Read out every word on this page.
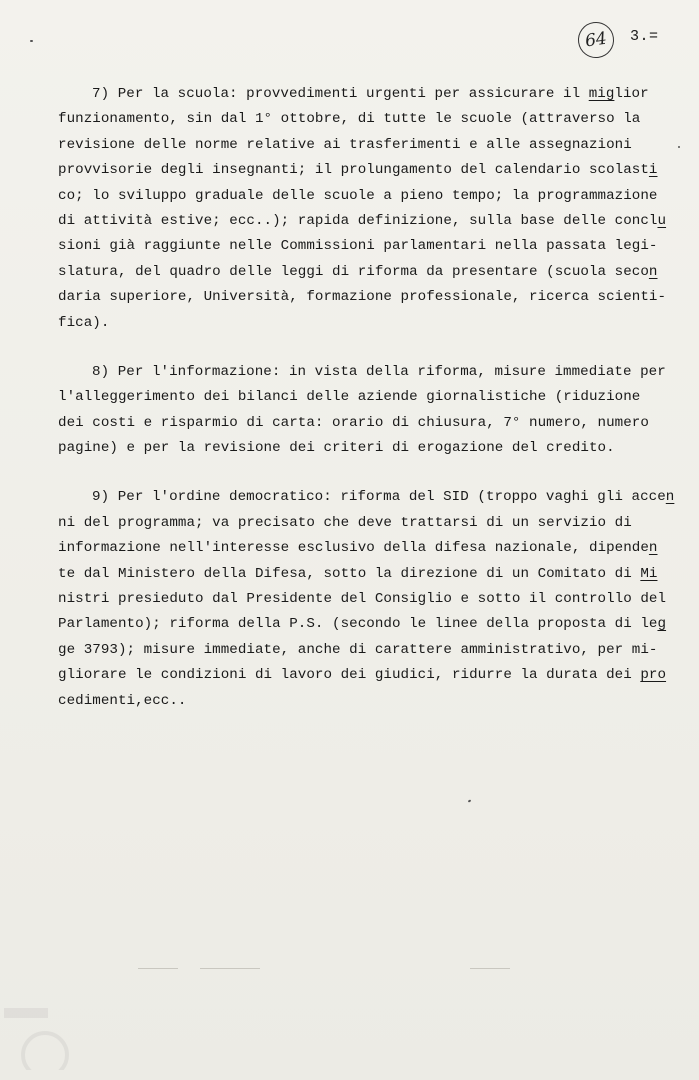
64 3.=
7) Per la scuola: provvedimenti urgenti per assicurare il miglior
funzionamento, sin dal 1° ottobre, di tutte le scuole (attraverso la
revisione delle norme relative ai trasferimenti e alle assegnazioni
provvisorie degli insegnanti; il prolungamento del calendario scolasti
co; lo sviluppo graduale delle scuole a pieno tempo; la programmazione
di attività estive; ecc..); rapida definizione, sulla base delle conclu
sioni già raggiunte nelle Commissioni parlamentari nella passata legi-
slatura, del quadro delle leggi di riforma da presentare (scuola secon
daria superiore, Università, formazione professionale, ricerca scienti-
fica).
8) Per l'informazione: in vista della riforma, misure immediate per
l'alleggerimento dei bilanci delle aziende giornalistiche (riduzione
dei costi e risparmio di carta: orario di chiusura, 7° numero, numero
pagine) e per la revisione dei criteri di erogazione del credito.
9) Per l'ordine democratico: riforma del SID (troppo vaghi gli accen
ni del programma; va precisato che deve trattarsi di un servizio di
informazione nell'interesse esclusivo della difesa nazionale, dipenden
te dal Ministero della Difesa, sotto la direzione di un Comitato di Mi
nistri presieduto dal Presidente del Consiglio e sotto il controllo del
Parlamento); riforma della P.S. (secondo le linee della proposta di leg
ge 3793); misure immediate, anche di carattere amministrativo, per mi-
gliorare le condizioni di lavoro dei giudici, ridurre la durata dei pro
cedimenti,ecc..
